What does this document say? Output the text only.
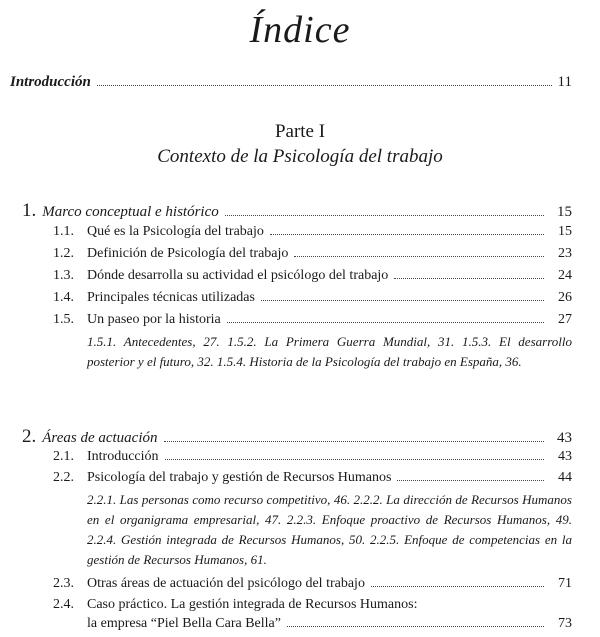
Índice
Introducción	11
Parte I
Contexto de la Psicología del trabajo
1. Marco conceptual e histórico	15
1.1. Qué es la Psicología del trabajo	15
1.2. Definición de Psicología del trabajo	23
1.3. Dónde desarrolla su actividad el psicólogo del trabajo	24
1.4. Principales técnicas utilizadas	26
1.5. Un paseo por la historia	27
1.5.1. Antecedentes, 27. 1.5.2. La Primera Guerra Mundial, 31. 1.5.3. El desarrollo posterior y el futuro, 32. 1.5.4. Historia de la Psicología del trabajo en España, 36.
2. Áreas de actuación	43
2.1. Introducción	43
2.2. Psicología del trabajo y gestión de Recursos Humanos	44
2.2.1. Las personas como recurso competitivo, 46. 2.2.2. La dirección de Recursos Humanos en el organigrama empresarial, 47. 2.2.3. Enfoque proactivo de Recursos Humanos, 49. 2.2.4. Gestión integrada de Recursos Humanos, 50. 2.2.5. Enfoque de competencias en la gestión de Recursos Humanos, 61.
2.3. Otras áreas de actuación del psicólogo del trabajo	71
2.4. Caso práctico. La gestión integrada de Recursos Humanos:
la empresa “Piel Bella Cara Bella”	73
